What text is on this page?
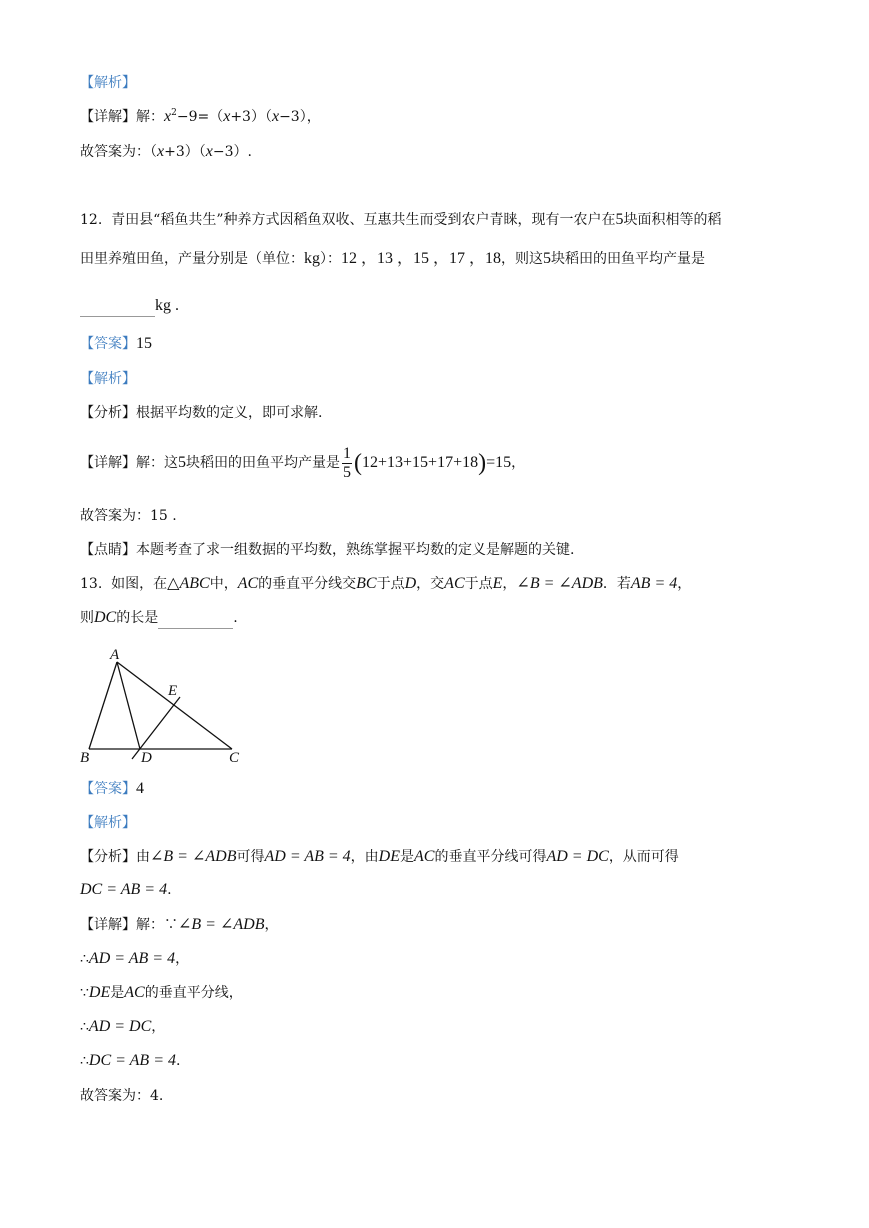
【解析】
【详解】解：$x^2-9=(x+3)(x-3)$，
故答案为：（x+3）（x−3）.
12. 青田县“稻鱼共生”种养方式因稻鱼双收、互惠共生而受到农户青睐，现有一农户在5块面积相等的稻
田里养殖田鱼，产量分别是（单位：kg）：12 ，13 ，15 ，17 ，18，则这5块稻田的田鱼平均产量是
kg .
【答案】15
【解析】
【分析】根据平均数的定义，即可求解.
【详解】解：这5块稻田的田鱼平均产量是 $\frac{1}{5} (12+13+15+17+18)=15$，
故答案为：15 .
【点睛】本题考查了求一组数据的平均数，熟练掌握平均数的定义是解题的关键.
13. 如图，在△ABC中，AC的垂直平分线交BC于点D，交AC于点E，∠B = ∠ADB．若AB = 4，
则DC的长是	.
A
B	C
D
E
【答案】4
【解析】
【分析】由∠B = ∠ADB可得AD = AB = 4，由DE是AC的垂直平分线可得AD = DC，从而可得
DC = AB = 4.
【详解】解：∵∠B = ∠ADB，
∴AD = AB = 4，
∵DE是AC的垂直平分线，
∴AD = DC，
∴DC = AB = 4.
故答案为：4.
